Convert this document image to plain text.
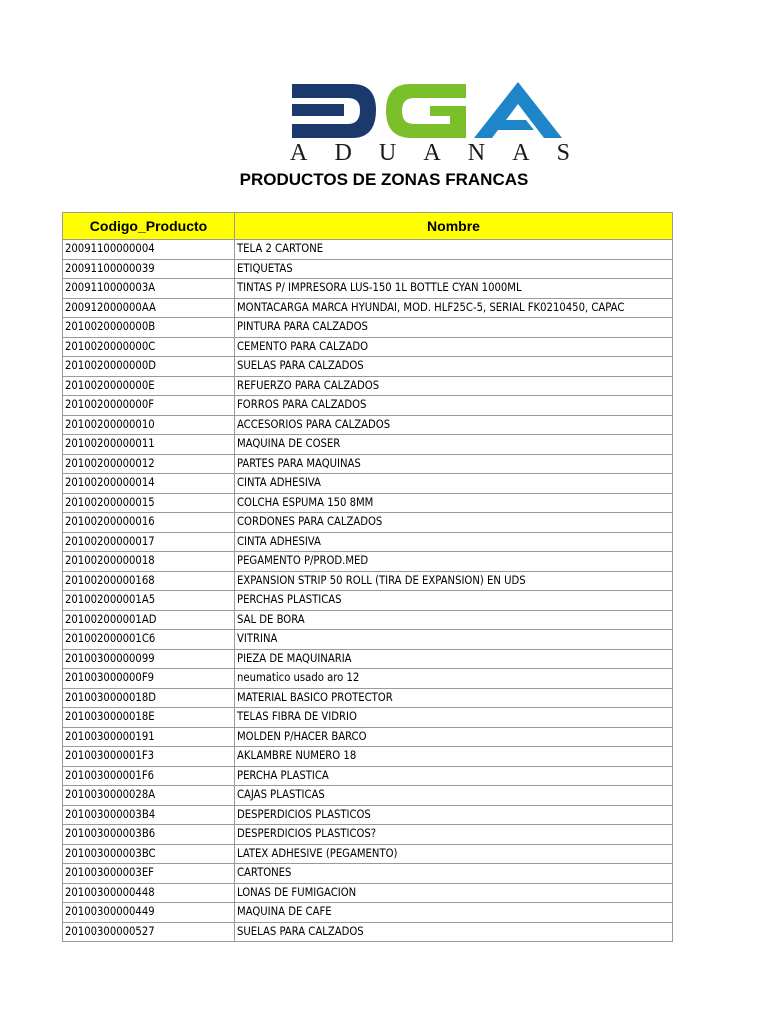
A D U A N A S
PRODUCTOS DE ZONAS FRANCAS
Codigo_Producto	Nombre
20091100000004	TELA 2 CARTONE
20091100000039	ETIQUETAS
2009110000003A	TINTAS P/ IMPRESORA LUS-150 1L BOTTLE CYAN 1000ML
200912000000AA	MONTACARGA MARCA HYUNDAI, MOD. HLF25C-5, SERIAL FK0210450, CAPAC
2010020000000B	PINTURA PARA CALZADOS
2010020000000C	CEMENTO PARA CALZADO
2010020000000D	SUELAS PARA CALZADOS
2010020000000E	REFUERZO PARA CALZADOS
2010020000000F	FORROS PARA CALZADOS
20100200000010	ACCESORIOS PARA CALZADOS
20100200000011	MAQUINA DE COSER
20100200000012	PARTES PARA MAQUINAS
20100200000014	CINTA ADHESIVA
20100200000015	COLCHA ESPUMA 150 8MM
20100200000016	CORDONES PARA CALZADOS
20100200000017	CINTA ADHESIVA
20100200000018	PEGAMENTO P/PROD.MED
20100200000168	EXPANSION STRIP 50 ROLL (TIRA DE EXPANSION) EN UDS
201002000001A5	PERCHAS PLASTICAS
201002000001AD	SAL DE BORA
201002000001C6	VITRINA
20100300000099	PIEZA DE MAQUINARIA
201003000000F9	neumatico usado aro 12
2010030000018D	MATERIAL BASICO PROTECTOR
2010030000018E	TELAS FIBRA DE VIDRIO
20100300000191	MOLDEN P/HACER BARCO
201003000001F3	AKLAMBRE NUMERO 18
201003000001F6	PERCHA PLASTICA
2010030000028A	CAJAS PLASTICAS
201003000003B4	DESPERDICIOS PLASTICOS
201003000003B6	DESPERDICIOS PLASTICOS?
201003000003BC	LATEX ADHESIVE (PEGAMENTO)
201003000003EF	CARTONES
20100300000448	LONAS DE FUMIGACION
20100300000449	MAQUINA DE CAFE
20100300000527	SUELAS PARA CALZADOS
